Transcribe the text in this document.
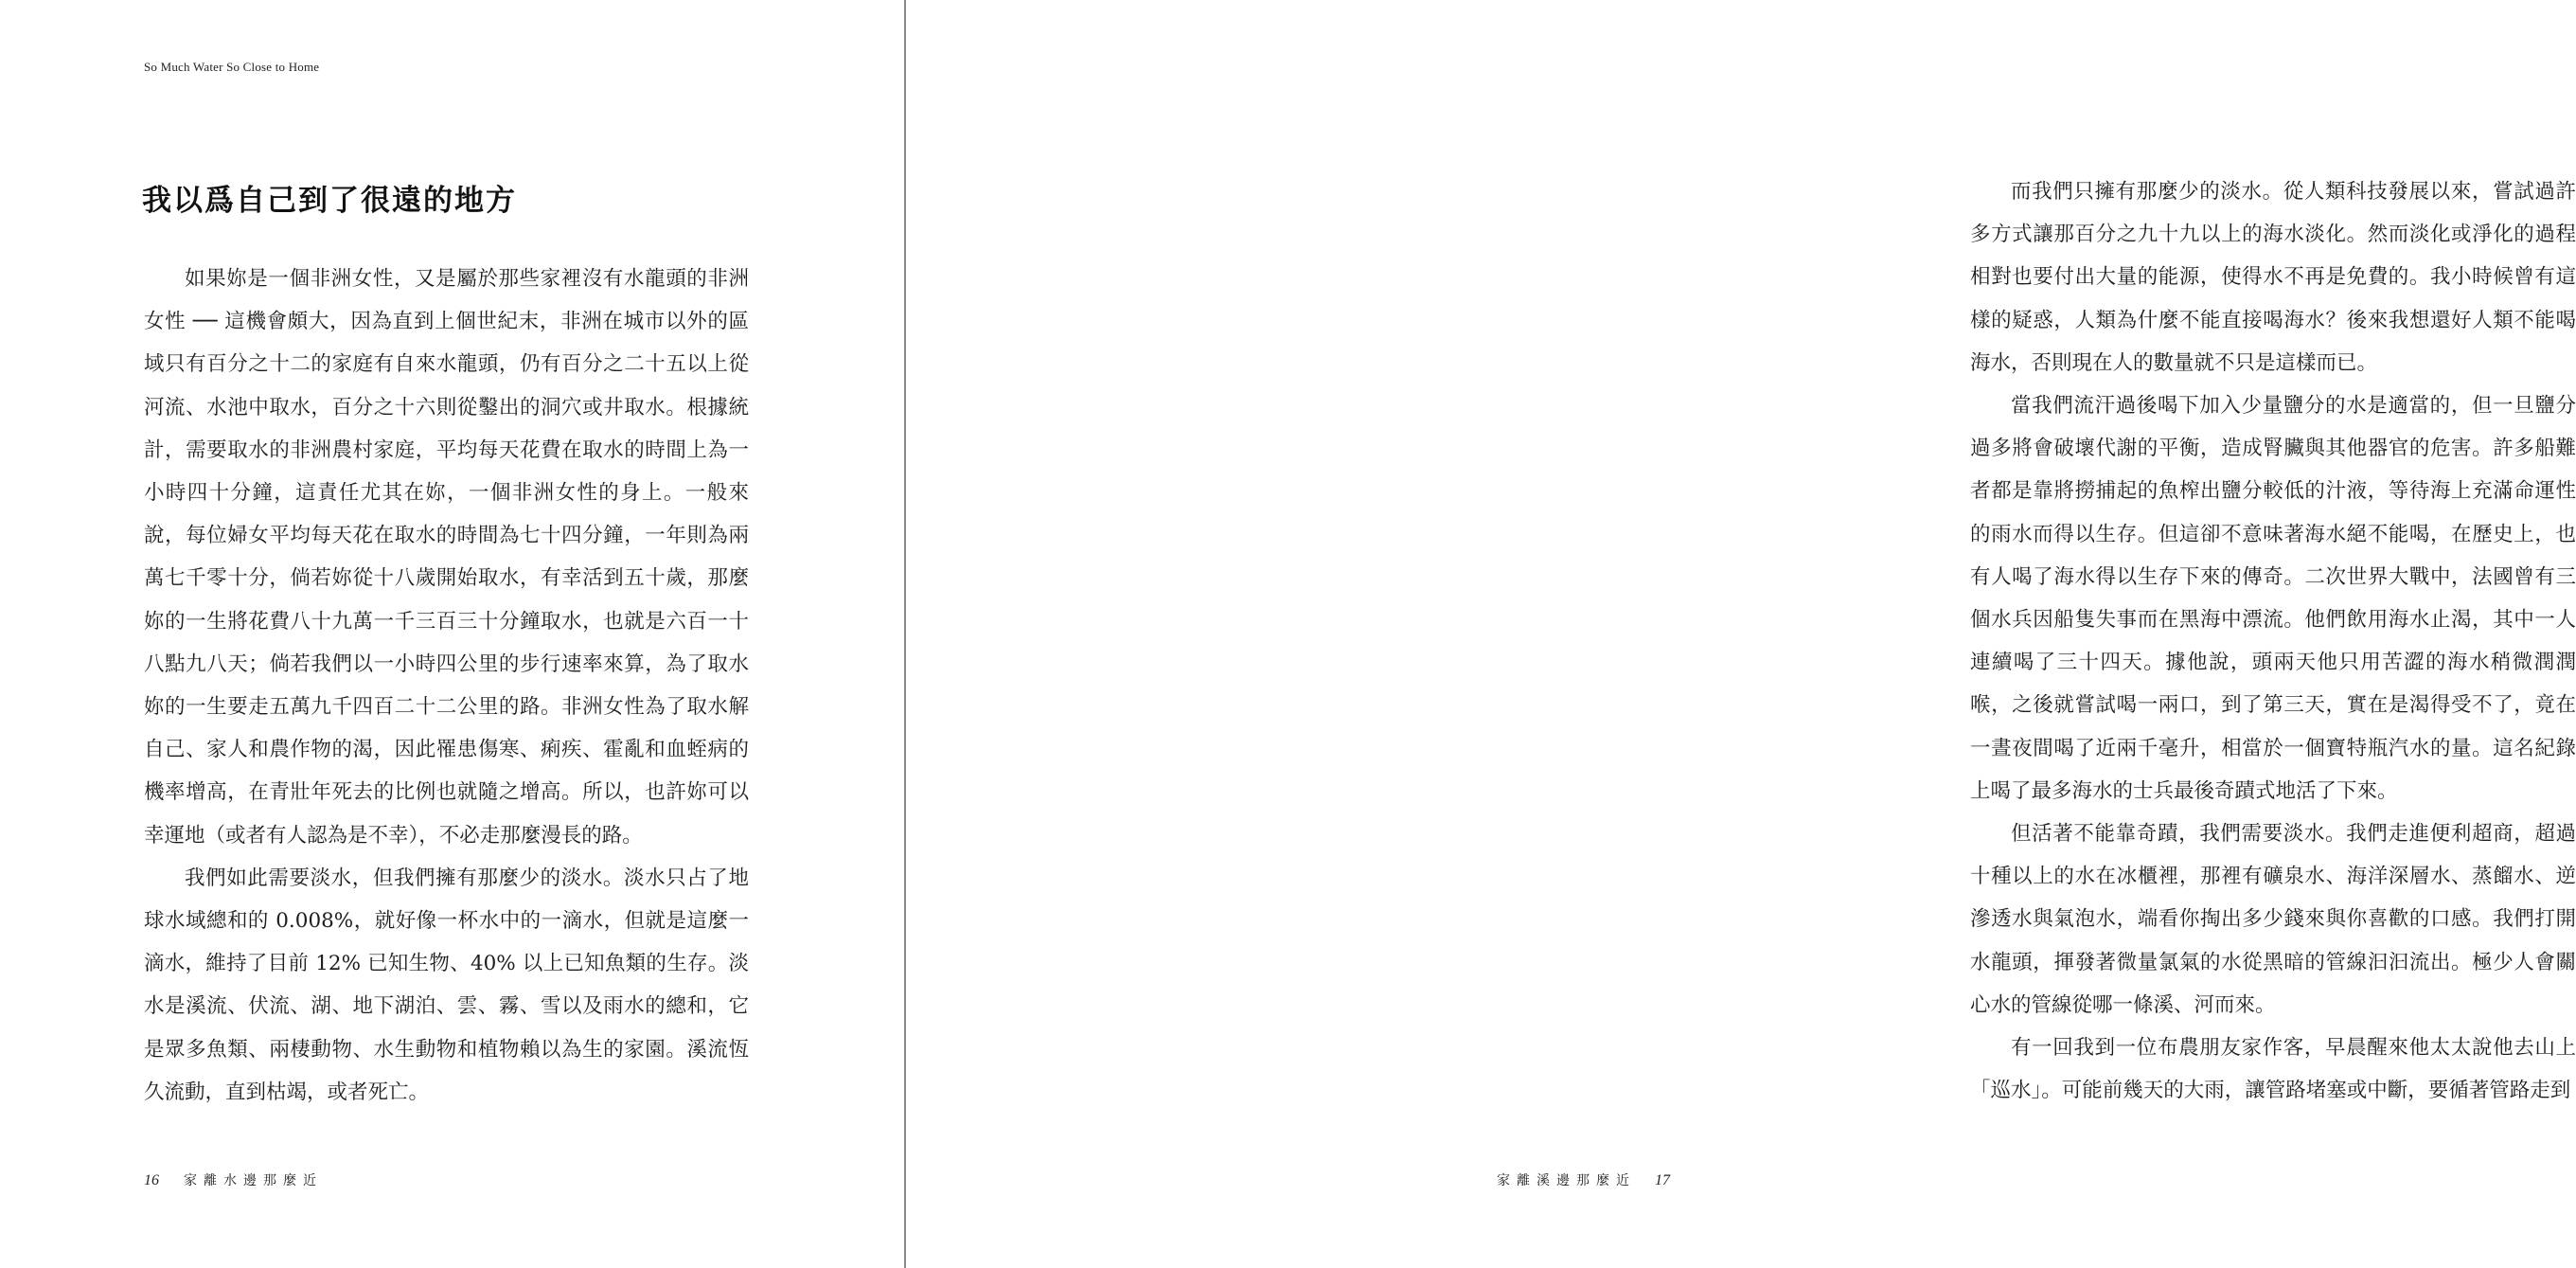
So Much Water So Close to Home
我以爲自己到了很遠的地方

如果妳是一個非洲女性，又是屬於那些家裡沒有水龍頭的非洲女性 ── 這機會頗大，因為直到上個世紀末，非洲在城市以外的區域只有百分之十二的家庭有自來水龍頭，仍有百分之二十五以上從河流、水池中取水，百分之十六則從鑿出的洞穴或井取水。根據統計，需要取水的非洲農村家庭，平均每天花費在取水的時間上為一小時四十分鐘，這責任尤其在妳，一個非洲女性的身上。一般來說，每位婦女平均每天花在取水的時間為七十四分鐘，一年則為兩萬七千零十分，倘若妳從十八歲開始取水，有幸活到五十歲，那麼妳的一生將花費八十九萬一千三百三十分鐘取水，也就是六百一十八點九八天；倘若我們以一小時四公里的步行速率來算，為了取水妳的一生要走五萬九千四百二十二公里的路。非洲女性為了取水解自己、家人和農作物的渴，因此罹患傷寒、痢疾、霍亂和血蛭病的機率增高，在青壯年死去的比例也就隨之增高。所以，也許妳可以幸運地（或者有人認為是不幸），不必走那麼漫長的路。

我們如此需要淡水，但我們擁有那麼少的淡水。淡水只占了地球水域總和的 0.008%，就好像一杯水中的一滴水，但就是這麼一滴水，維持了目前 12% 已知生物、40% 以上已知魚類的生存。淡水是溪流、伏流、湖、地下湖泊、雲、霧、雪以及雨水的總和，它是眾多魚類、兩棲動物、水生動物和植物賴以為生的家園。溪流恆久流動，直到枯竭，或者死亡。

16 家離水邊那麼近

而我們只擁有那麼少的淡水。從人類科技發展以來，嘗試過許多方式讓那百分之九十九以上的海水淡化。然而淡化或淨化的過程相對也要付出大量的能源，使得水不再是免費的。我小時候曾有這樣的疑惑，人類為什麼不能直接喝海水？後來我想還好人類不能喝海水，否則現在人的數量就不只是這樣而已。

當我們流汗過後喝下加入少量鹽分的水是適當的，但一旦鹽分過多將會破壞代謝的平衡，造成腎臟與其他器官的危害。許多船難者都是靠將撈捕起的魚榨出鹽分較低的汁液，等待海上充滿命運性的雨水而得以生存。但這卻不意味著海水絕不能喝，在歷史上，也有人喝了海水得以生存下來的傳奇。二次世界大戰中，法國曾有三個水兵因船隻失事而在黑海中漂流。他們飲用海水止渴，其中一人連續喝了三十四天。據他說，頭兩天他只用苦澀的海水稍微潤潤喉，之後就嘗試喝一兩口，到了第三天，實在是渴得受不了，竟在一晝夜間喝了近兩千毫升，相當於一個寶特瓶汽水的量。這名紀錄上喝了最多海水的士兵最後奇蹟式地活了下來。

但活著不能靠奇蹟，我們需要淡水。我們走進便利超商，超過十種以上的水在冰櫃裡，那裡有礦泉水、海洋深層水、蒸餾水、逆滲透水與氣泡水，端看你掏出多少錢來與你喜歡的口感。我們打開水龍頭，揮發著微量氯氣的水從黑暗的管線汩汩流出。極少人會關心水的管線從哪一條溪、河而來。

有一回我到一位布農朋友家作客，早晨醒來他太太說他去山上「巡水」。可能前幾天的大雨，讓管路堵塞或中斷，要循著管路走到

家離溪邊那麼近 17
